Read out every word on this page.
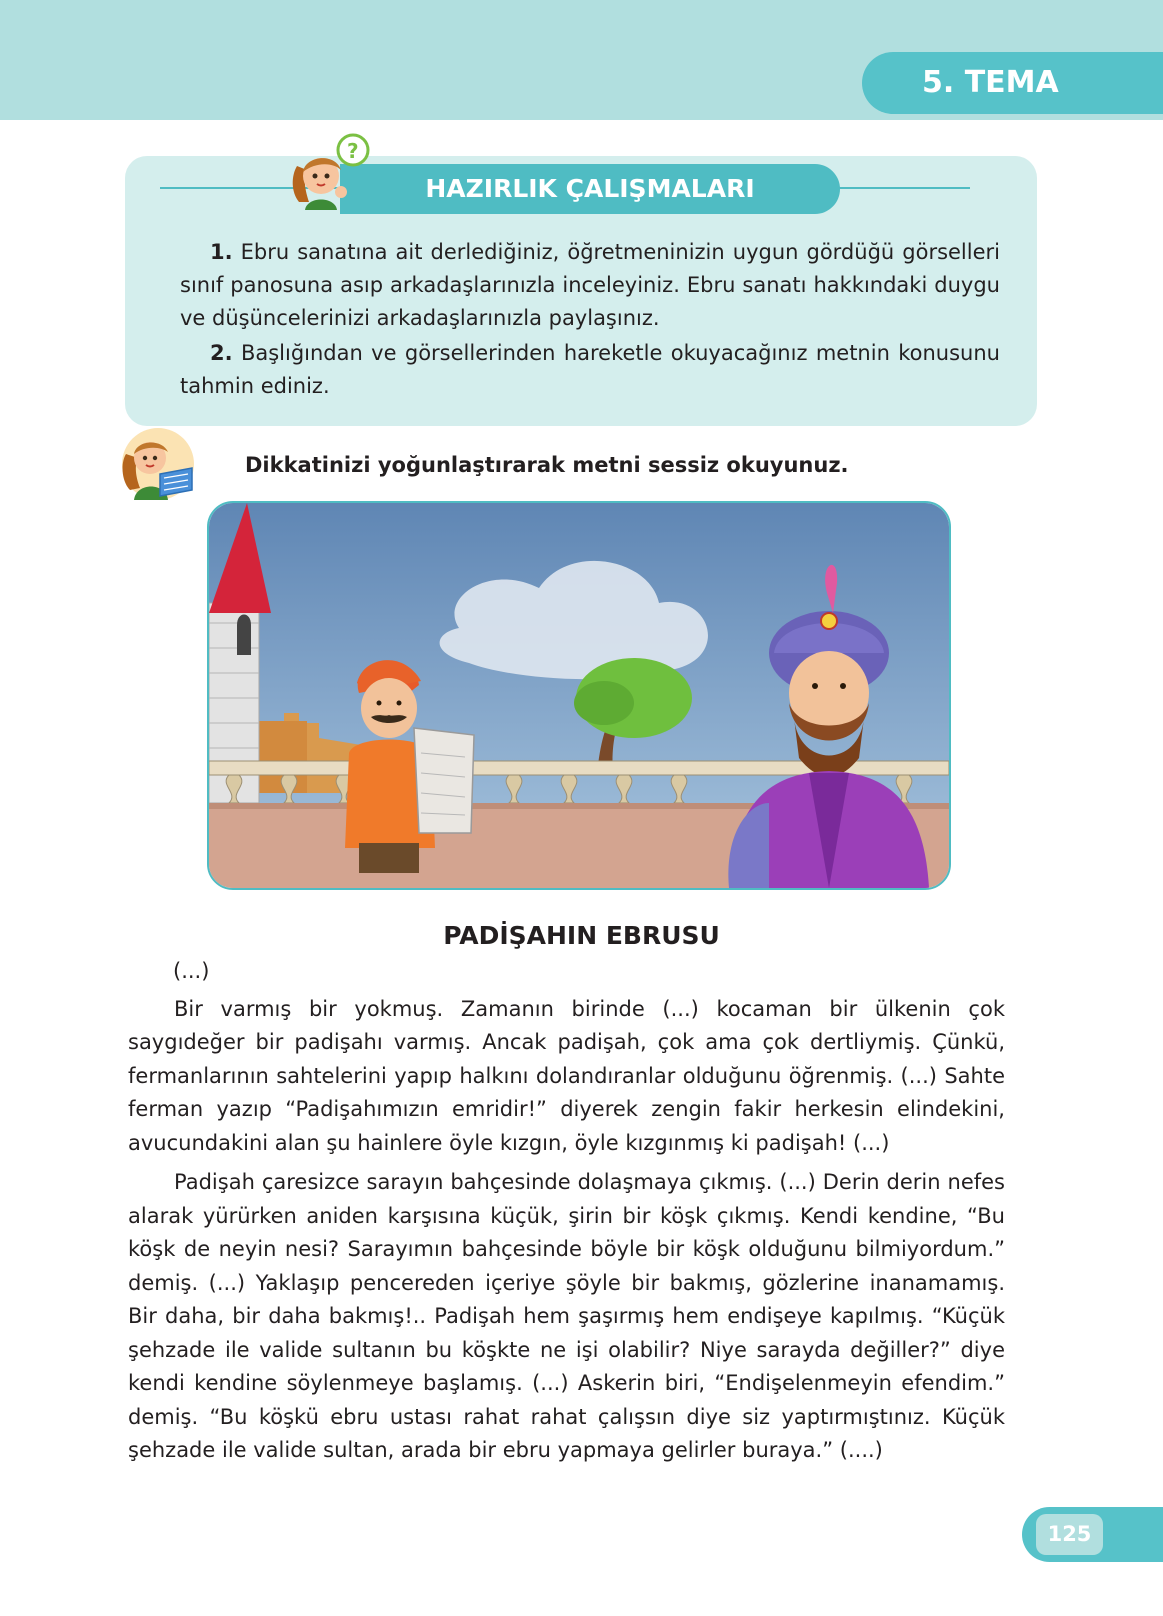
5. TEMA
HAZIRLIK ÇALIŞMALARI
?

1. Ebru sanatına ait derlediğiniz, öğretmeninizin uygun gördüğü görselleri sınıf panosuna asıp arkadaşlarınızla inceleyiniz. Ebru sanatı hakkındaki duygu ve düşüncelerinizi arkadaşlarınızla paylaşınız.

2. Başlığından ve görsellerinden hareketle okuyacağınız metnin konusunu tahmin ediniz.

Dikkatinizi yoğunlaştırarak metni sessiz okuyunuz.
PADİŞAHIN EBRUSU

(...)

Bir varmış bir yokmuş. Zamanın birinde (...) kocaman bir ülkenin çok saygıdeğer bir padişahı varmış. Ancak padişah, çok ama çok dertliymiş. Çünkü, fermanlarının sahtelerini yapıp halkını dolandıranlar olduğunu öğrenmiş. (...) Sahte ferman yazıp “Padişahımızın emridir!” diyerek zengin fakir herkesin elindekini, avucundakini alan şu hainlere öyle kızgın, öyle kızgınmış ki padişah! (...)

Padişah çaresizce sarayın bahçesinde dolaşmaya çıkmış. (...) Derin derin nefes alarak yürürken aniden karşısına küçük, şirin bir köşk çıkmış. Kendi kendine, “Bu köşk de neyin nesi? Sarayımın bahçesinde böyle bir köşk olduğunu bilmiyordum.” demiş. (...) Yaklaşıp pencereden içeriye şöyle bir bakmış, gözlerine inanamamış. Bir daha, bir daha bakmış!.. Padişah hem şaşırmış hem endişeye kapılmış. “Küçük şehzade ile valide sultanın bu köşkte ne işi olabilir? Niye sarayda değiller?” diye kendi kendine söylenmeye başlamış. (...) Askerin biri, “Endişelenmeyin efendim.” demiş. “Bu köşkü ebru ustası rahat rahat çalışsın diye siz yaptırmıştınız. Küçük şehzade ile valide sultan, arada bir ebru yapmaya gelirler buraya.” (....)

125
